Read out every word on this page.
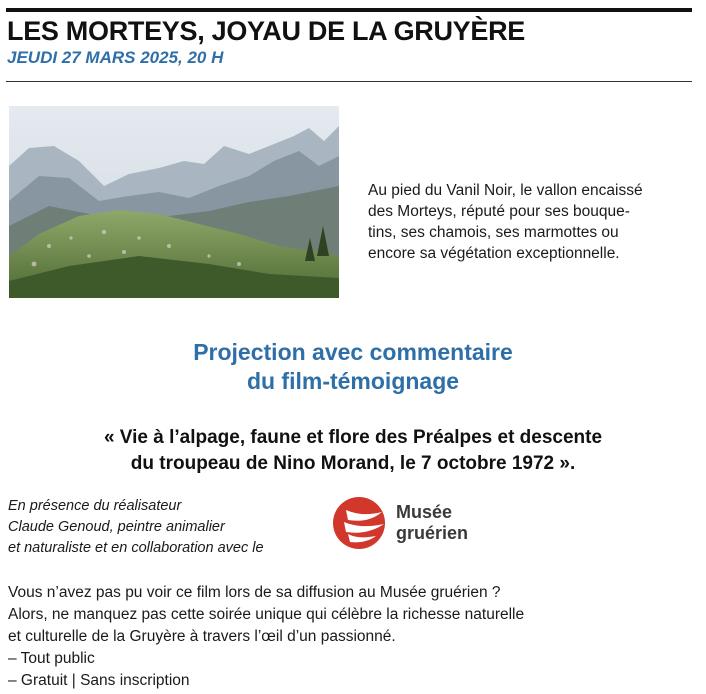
LES MORTEYS, JOYAU DE LA GRUYÈRE
JEUDI 27 MARS 2025, 20 H
Au pied du Vanil Noir, le vallon encaissé
des Morteys, réputé pour ses bouque-
tins, ses chamois, ses marmottes ou
encore sa végétation exceptionnelle.
Projection avec commentaire
du film-témoignage
« Vie à l’alpage, faune et flore des Préalpes et descente
du troupeau de Nino Morand, le 7 octobre 1972 ».
En présence du réalisateur
Claude Genoud, peintre animalier
et naturaliste et en collaboration avec le
Musée
gruérien
Vous n’avez pas pu voir ce film lors de sa diffusion au Musée gruérien ?
Alors, ne manquez pas cette soirée unique qui célèbre la richesse naturelle
et culturelle de la Gruyère à travers l’œil d’un passionné.
– Tout public
– Gratuit | Sans inscription
